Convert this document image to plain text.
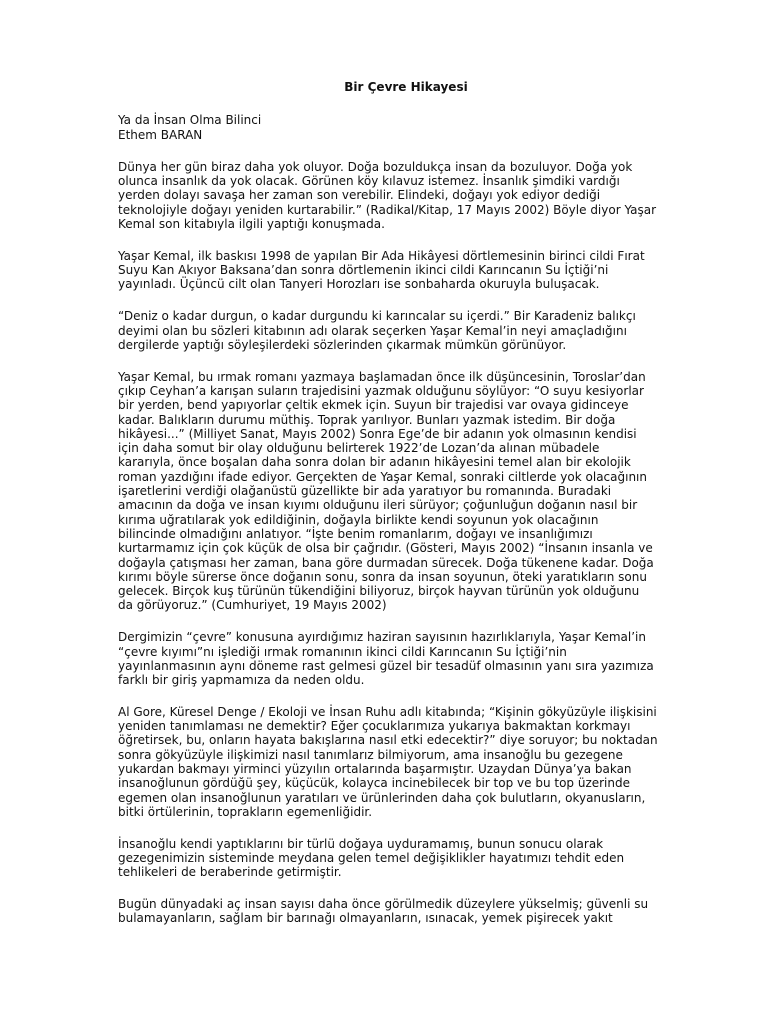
Bir Çevre Hikayesi
Ya da İnsan Olma Bilinci
Ethem BARAN

Dünya her gün biraz daha yok oluyor. Doğa bozuldukça insan da bozuluyor. Doğa yok olunca insanlık da yok olacak. Görünen köy kılavuz istemez. İnsanlık şimdiki vardığı yerden dolayı savaşa her zaman son verebilir. Elindeki, doğayı yok ediyor dediği teknolojiyle doğayı yeniden kurtarabilir.” (Radikal/Kitap, 17 Mayıs 2002) Böyle diyor Yaşar Kemal son kitabıyla ilgili yaptığı konuşmada.

Yaşar Kemal, ilk baskısı 1998 de yapılan Bir Ada Hikâyesi dörtlemesinin birinci cildi Fırat Suyu Kan Akıyor Baksana’dan sonra dörtlemenin ikinci cildi Karıncanın Su İçtiği’ni yayınladı. Üçüncü cilt olan Tanyeri Horozları ise sonbaharda okuruyla buluşacak.

“Deniz o kadar durgun, o kadar durgundu ki karıncalar su içerdi.” Bir Karadeniz balıkçı deyimi olan bu sözleri kitabının adı olarak seçerken Yaşar Kemal’in neyi amaçladığını dergilerde yaptığı söyleşilerdeki sözlerinden çıkarmak mümkün görünüyor.

Yaşar Kemal, bu ırmak romanı yazmaya başlamadan önce ilk düşüncesinin, Toroslar’dan çıkıp Ceyhan’a karışan suların trajedisini yazmak olduğunu söylüyor: “O suyu kesiyorlar bir yerden, bend yapıyorlar çeltik ekmek için. Suyun bir trajedisi var ovaya gidinceye kadar. Balıkların durumu müthiş. Toprak yarılıyor. Bunları yazmak istedim. Bir doğa hikâyesi...” (Milliyet Sanat, Mayıs 2002) Sonra Ege’de bir adanın yok olmasının kendisi için daha somut bir olay olduğunu belirterek 1922’de Lozan’da alınan mübadele kararıyla, önce boşalan daha sonra dolan bir adanın hikâyesini temel alan bir ekolojik roman yazdığını ifade ediyor. Gerçekten de Yaşar Kemal, sonraki ciltlerde yok olacağının işaretlerini verdiği olağanüstü güzellikte bir ada yaratıyor bu romanında. Buradaki amacının da doğa ve insan kıyımı olduğunu ileri sürüyor; çoğunluğun doğanın nasıl bir kırıma uğratılarak yok edildiğinin, doğayla birlikte kendi soyunun yok olacağının bilincinde olmadığını anlatıyor. “İşte benim romanlarım, doğayı ve insanlığımızı kurtarmamız için çok küçük de olsa bir çağrıdır. (Gösteri, Mayıs 2002) “İnsanın insanla ve doğayla çatışması her zaman, bana göre durmadan sürecek. Doğa tükenene kadar. Doğa kırımı böyle sürerse önce doğanın sonu, sonra da insan soyunun, öteki yaratıkların sonu gelecek. Birçok kuş türünün tükendiğini biliyoruz, birçok hayvan türünün yok olduğunu da görüyoruz.” (Cumhuriyet, 19 Mayıs 2002)

Dergimizin “çevre” konusuna ayırdığımız haziran sayısının hazırlıklarıyla, Yaşar Kemal’in “çevre kıyımı”nı işlediği ırmak romanının ikinci cildi Karıncanın Su İçtiği’nin yayınlanmasının aynı döneme rast gelmesi güzel bir tesadüf olmasının yanı sıra yazımıza farklı bir giriş yapmamıza da neden oldu.

Al Gore, Küresel Denge / Ekoloji ve İnsan Ruhu adlı kitabında; “Kişinin gökyüzüyle ilişkisini yeniden tanımlaması ne demektir? Eğer çocuklarımıza yukarıya bakmaktan korkmayı öğretirsek, bu, onların hayata bakışlarına nasıl etki edecektir?” diye soruyor; bu noktadan sonra gökyüzüyle ilişkimizi nasıl tanımlarız bilmiyorum, ama insanoğlu bu gezegene yukardan bakmayı yirminci yüzyılın ortalarında başarmıştır. Uzaydan Dünya’ya bakan insanoğlunun gördüğü şey, küçücük, kolayca incinebilecek bir top ve bu top üzerinde egemen olan insanoğlunun yaratıları ve ürünlerinden daha çok bulutların, okyanusların, bitki örtülerinin, toprakların egemenliğidir.

İnsanoğlu kendi yaptıklarını bir türlü doğaya uyduramamış, bunun sonucu olarak gezegenimizin sisteminde meydana gelen temel değişiklikler hayatımızı tehdit eden tehlikeleri de beraberinde getirmiştir.

Bugün dünyadaki aç insan sayısı daha önce görülmedik düzeylere yükselmiş; güvenli su bulamayanların, sağlam bir barınağı olmayanların, ısınacak, yemek pişirecek yakıt
